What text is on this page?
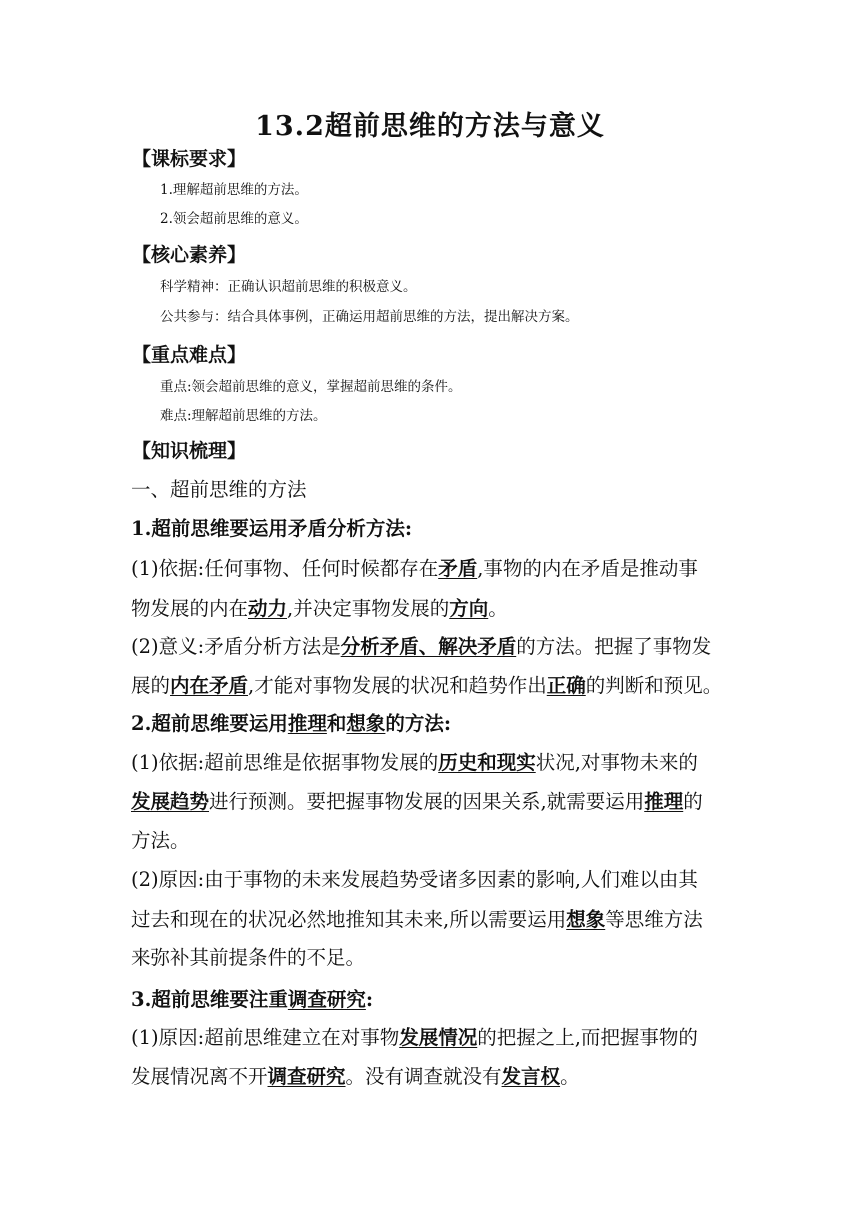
13.2超前思维的方法与意义
【课标要求】
1.理解超前思维的方法。
2.领会超前思维的意义。
【核心素养】
科学精神：正确认识超前思维的积极意义。
公共参与：结合具体事例，正确运用超前思维的方法，提出解决方案。
【重点难点】
重点:领会超前思维的意义，掌握超前思维的条件。
难点:理解超前思维的方法。
【知识梳理】
一、超前思维的方法
1.超前思维要运用矛盾分析方法:
(1)依据:任何事物、任何时候都存在矛盾,事物的内在矛盾是推动事
物发展的内在动力,并决定事物发展的方向。
(2)意义:矛盾分析方法是分析矛盾、解决矛盾的方法。把握了事物发
展的内在矛盾,才能对事物发展的状况和趋势作出正确的判断和预见。
2.超前思维要运用推理和想象的方法:
(1)依据:超前思维是依据事物发展的历史和现实状况,对事物未来的
发展趋势进行预测。要把握事物发展的因果关系,就需要运用推理的
方法。
(2)原因:由于事物的未来发展趋势受诸多因素的影响,人们难以由其
过去和现在的状况必然地推知其未来,所以需要运用想象等思维方法
来弥补其前提条件的不足。
3.超前思维要注重调查研究:
(1)原因:超前思维建立在对事物发展情况的把握之上,而把握事物的
发展情况离不开调查研究。没有调查就没有发言权。
